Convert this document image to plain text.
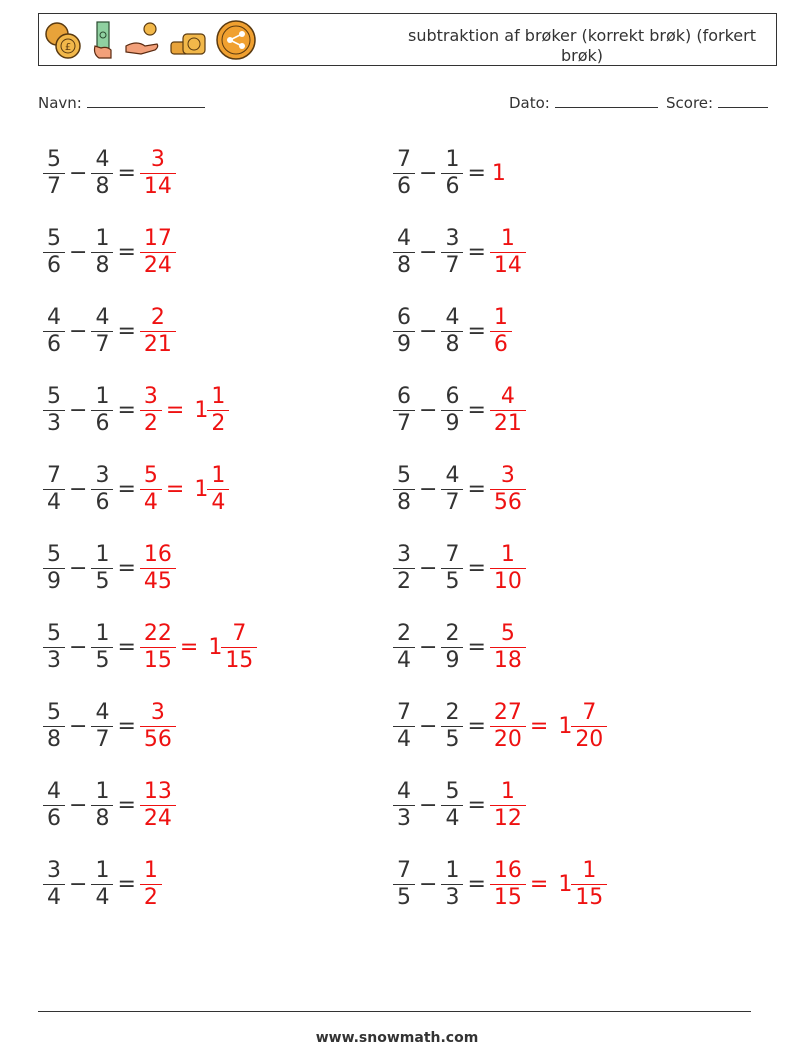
£
subtraktion af brøker (korrekt brøk) (forkert brøk)
Navn:	Dato:	Score:
$\frac{5}{7} - \frac{4}{8} = \frac{3}{14}$
$\frac{5}{6} - \frac{1}{8} = \frac{17}{24}$
$\frac{4}{6} - \frac{4}{7} = \frac{2}{21}$
$\frac{5}{3} - \frac{1}{6} = \frac{3}{2} = 1 \frac{1}{2}$
$\frac{7}{4} - \frac{3}{6} = \frac{5}{4} = 1 \frac{1}{4}$
$\frac{5}{9} - \frac{1}{5} = \frac{16}{45}$
$\frac{5}{3} - \frac{1}{5} = \frac{22}{15} = 1 \frac{7}{15}$
$\frac{5}{8} - \frac{4}{7} = \frac{3}{56}$
$\frac{4}{6} - \frac{1}{8} = \frac{13}{24}$
$\frac{3}{4} - \frac{1}{4} = \frac{1}{2}$
$\frac{7}{6} - \frac{1}{6} = 1$
$\frac{4}{8} - \frac{3}{7} = \frac{1}{14}$
$\frac{6}{9} - \frac{4}{8} = \frac{1}{6}$
$\frac{6}{7} - \frac{6}{9} = \frac{4}{21}$
$\frac{5}{8} - \frac{4}{7} = \frac{3}{56}$
$\frac{3}{2} - \frac{7}{5} = \frac{1}{10}$
$\frac{2}{4} - \frac{2}{9} = \frac{5}{18}$
$\frac{7}{4} - \frac{2}{5} = \frac{27}{20} = 1 \frac{7}{20}$
$\frac{4}{3} - \frac{5}{4} = \frac{1}{12}$
$\frac{7}{5} - \frac{1}{3} = \frac{16}{15} = 1 \frac{1}{15}$
www.snowmath.com
